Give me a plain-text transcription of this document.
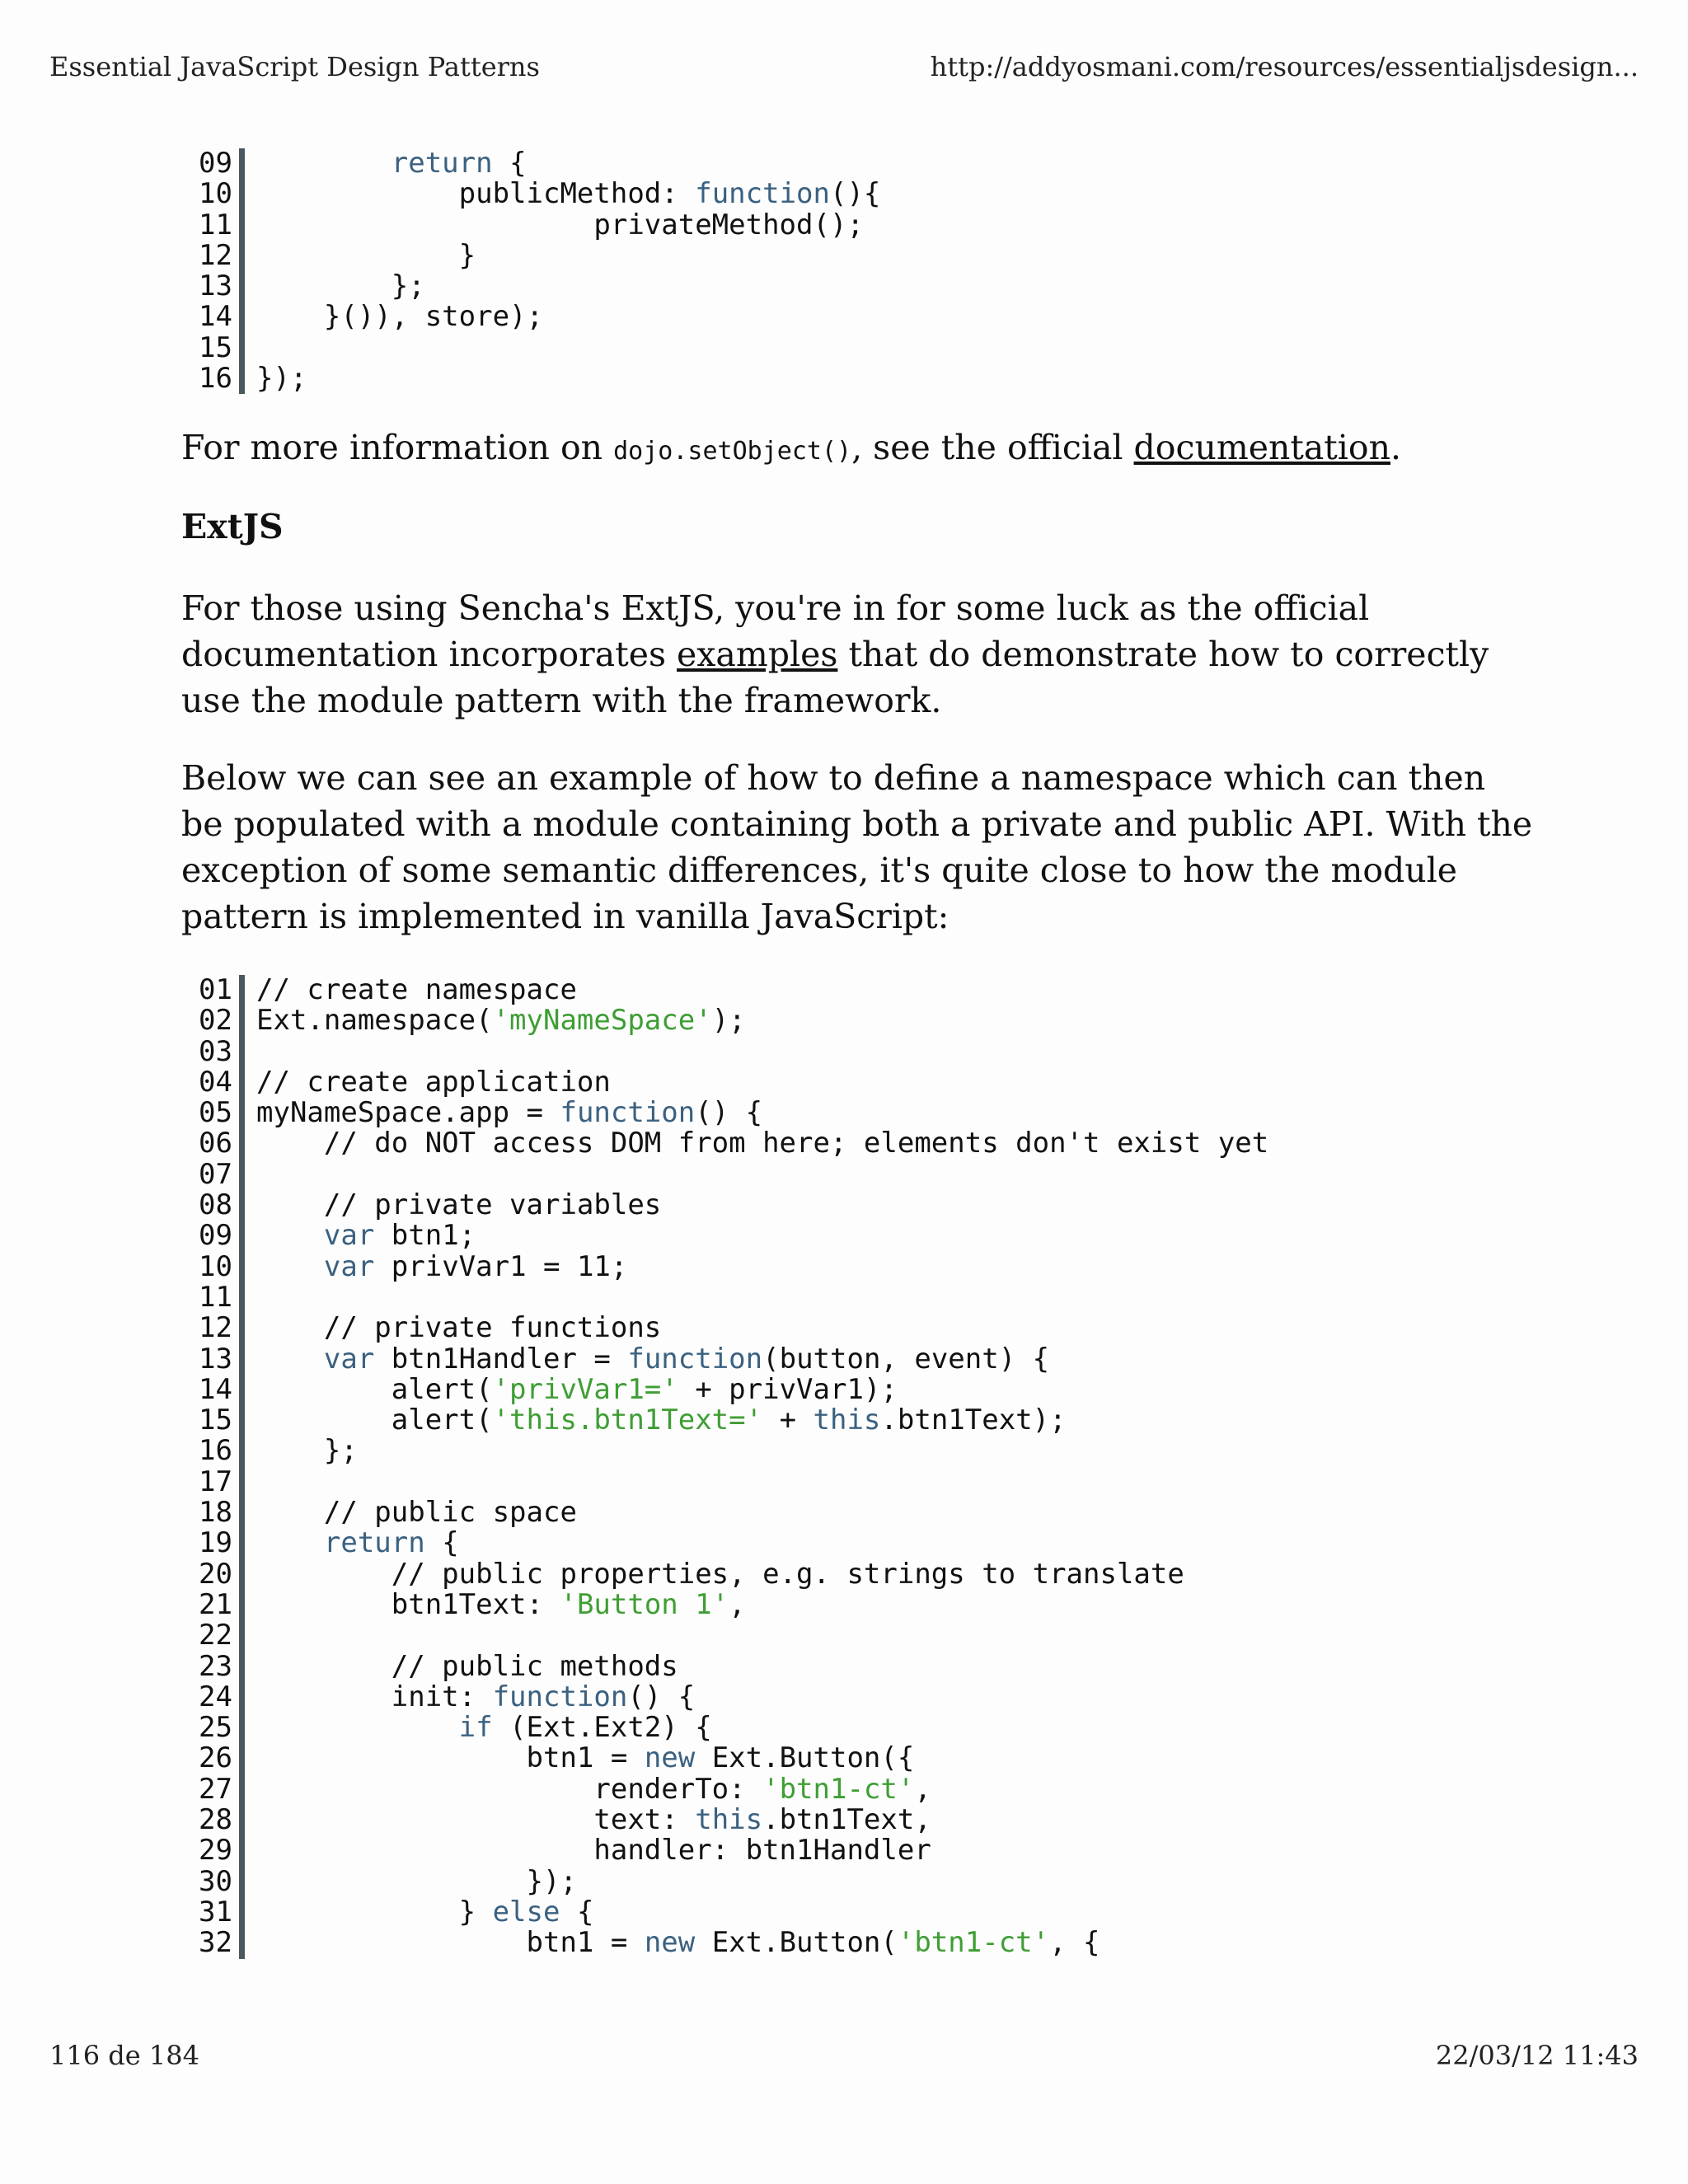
Essential JavaScript Design Patterns	http://addyosmani.com/resources/essentialjsdesign...
09	return {
10 publicMethod: function(){
11 privateMethod();
12 }
13 };
14 }()), store);
15
16 });

For more information on dojo.setObject(), see the official documentation.

ExtJS

For those using Sencha's ExtJS, you're in for some luck as the official documentation incorporates examples that do demonstrate how to correctly use the module pattern with the framework.

Below we can see an example of how to define a namespace which can then be populated with a module containing both a private and public API. With the exception of some semantic differences, it's quite close to how the module pattern is implemented in vanilla JavaScript:

01 // create namespace
02 Ext.namespace('myNameSpace');
03
04 // create application
05 myNameSpace.app = function() {
06 // do NOT access DOM from here; elements don't exist yet
07
08 // private variables
09	var btn1;
10	var privVar1 = 11;
11
12 // private functions
13	var btn1Handler = function(button, event) {
14 alert('privVar1=' + privVar1);
15 alert('this.btn1Text=' + this.btn1Text);
16 };
17
18 // public space
19	return {
20 // public properties, e.g. strings to translate
21 btn1Text: 'Button 1',
22
23 // public methods
24 init: function() {
25	if (Ext.Ext2) {
26 btn1 = new Ext.Button({
27 renderTo: 'btn1-ct',
28 text: this.btn1Text,
29 handler: btn1Handler
30 });
31 } else {
32 btn1 = new Ext.Button('btn1-ct', {
116 de 184	22/03/12 11:43
